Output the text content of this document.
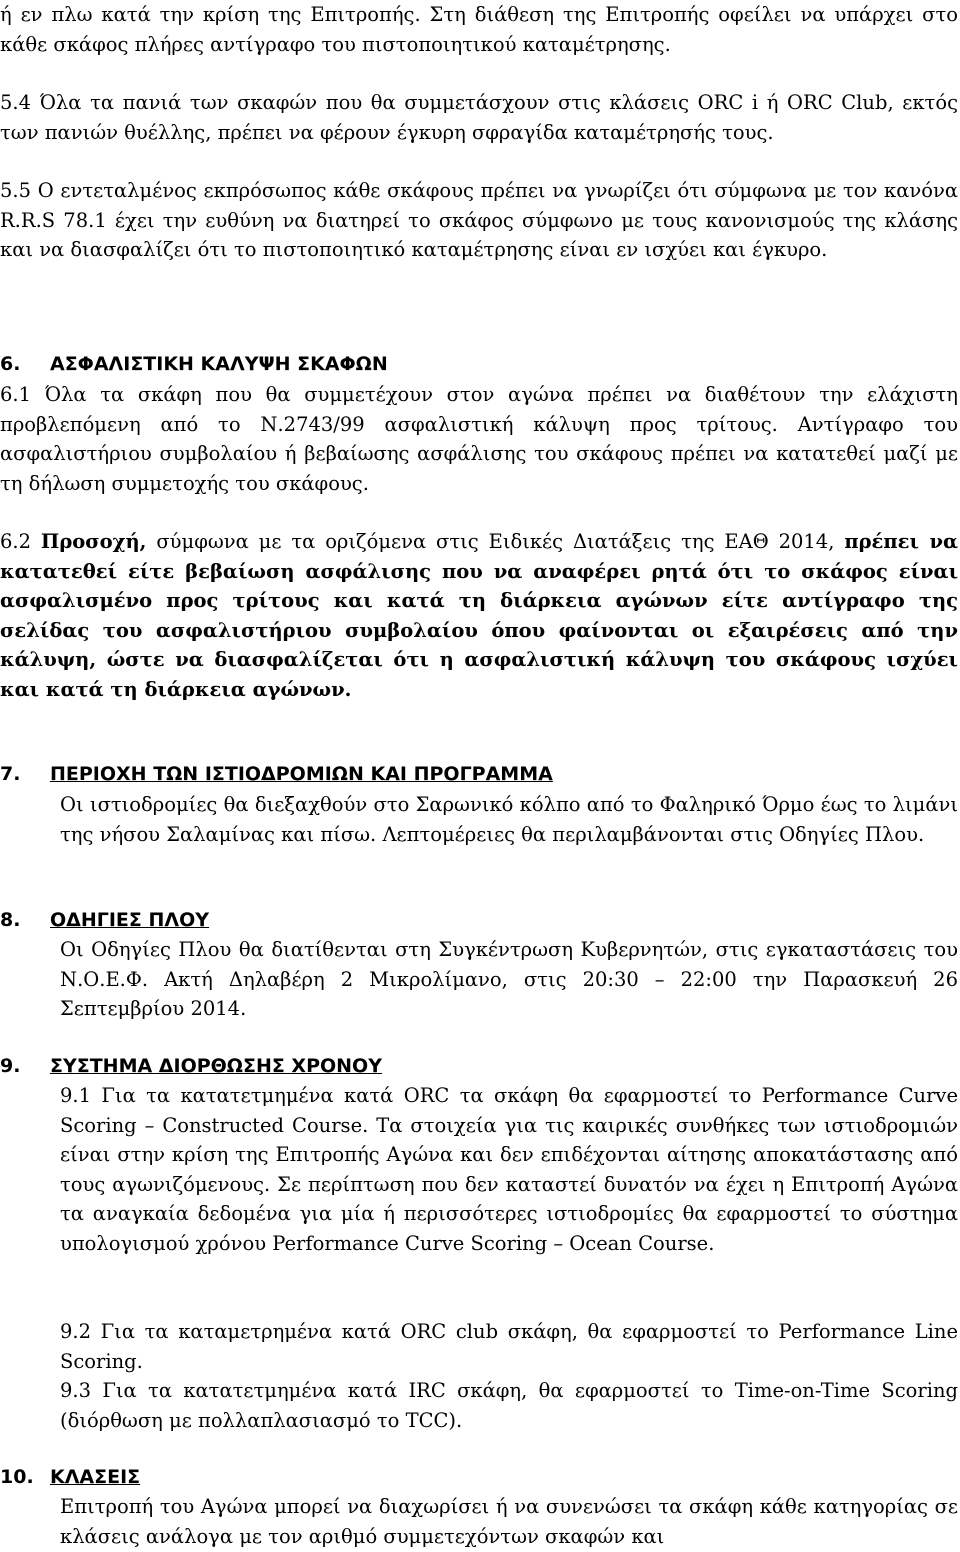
ή εν πλω κατά την κρίση της Επιτροπής. Στη διάθεση της Επιτροπής οφείλει να υπάρχει στο κάθε σκάφος πλήρες αντίγραφο του πιστοποιητικού καταμέτρησης.

5.4 Όλα τα πανιά των σκαφών που θα συμμετάσχουν στις κλάσεις ORC i ή ORC Club, εκτός των πανιών θυέλλης, πρέπει να φέρουν έγκυρη σφραγίδα καταμέτρησής τους.

5.5 Ο εντεταλμένος εκπρόσωπος κάθε σκάφους πρέπει να γνωρίζει ότι σύμφωνα με τον κανόνα R.R.S 78.1 έχει την ευθύνη να διατηρεί το σκάφος σύμφωνο με τους κανονισμούς της κλάσης και να διασφαλίζει ότι το πιστοποιητικό καταμέτρησης είναι εν ισχύει και έγκυρο.

6. ΑΣΦΑΛΙΣΤΙΚΗ ΚΑΛΥΨΗ ΣΚΑΦΩΝ

6.1 Όλα τα σκάφη που θα συμμετέχουν στον αγώνα πρέπει να διαθέτουν την ελάχιστη προβλεπόμενη από το Ν.2743/99 ασφαλιστική κάλυψη προς τρίτους. Αντίγραφο του ασφαλιστήριου συμβολαίου ή βεβαίωσης ασφάλισης του σκάφους πρέπει να κατατεθεί μαζί με τη δήλωση συμμετοχής του σκάφους.

6.2 Προσοχή, σύμφωνα με τα οριζόμενα στις Ειδικές Διατάξεις της ΕΑΘ 2014, πρέπει να κατατεθεί είτε βεβαίωση ασφάλισης που να αναφέρει ρητά ότι το σκάφος είναι ασφαλισμένο προς τρίτους και κατά τη διάρκεια αγώνων είτε αντίγραφο της σελίδας του ασφαλιστήριου συμβολαίου όπου φαίνονται οι εξαιρέσεις από την κάλυψη, ώστε να διασφαλίζεται ότι η ασφαλιστική κάλυψη του σκάφους ισχύει και κατά τη διάρκεια αγώνων.

7. ΠΕΡΙΟΧΗ ΤΩΝ ΙΣΤΙΟΔΡΟΜΙΩΝ ΚΑΙ ΠΡΟΓΡΑΜΜΑ

Οι ιστιοδρομίες θα διεξαχθούν στο Σαρωνικό κόλπο από το Φαληρικό Όρμο έως το λιμάνι της νήσου Σαλαμίνας και πίσω. Λεπτομέρειες θα περιλαμβάνονται στις Οδηγίες Πλου.

8. ΟΔΗΓΙΕΣ ΠΛΟΥ

Οι Οδηγίες Πλου θα διατίθενται στη Συγκέντρωση Κυβερνητών, στις εγκαταστάσεις του Ν.Ο.Ε.Φ. Ακτή Δηλαβέρη 2 Μικρολίμανο, στις 20:30 – 22:00 την Παρασκευή 26 Σεπτεμβρίου 2014.

9. ΣΥΣΤΗΜΑ ΔΙΟΡΘΩΣΗΣ ΧΡΟΝΟΥ

9.1 Για τα κατατετμημένα κατά ORC τα σκάφη θα εφαρμοστεί το Performance Curve Scoring – Constructed Course. Τα στοιχεία για τις καιρικές συνθήκες των ιστιοδρομιών είναι στην κρίση της Επιτροπής Αγώνα και δεν επιδέχονται αίτησης αποκατάστασης από τους αγωνιζόμενους. Σε περίπτωση που δεν καταστεί δυνατόν να έχει η Επιτροπή Αγώνα τα αναγκαία δεδομένα για μία ή περισσότερες ιστιοδρομίες θα εφαρμοστεί το σύστημα υπολογισμού χρόνου Performance Curve Scoring – Ocean Course.

9.2 Για τα καταμετρημένα κατά ORC club σκάφη, θα εφαρμοστεί το Performance Line Scoring.

9.3 Για τα κατατετμημένα κατά IRC σκάφη, θα εφαρμοστεί το Time-on-Time Scoring (διόρθωση με πολλαπλασιασμό το TCC).

10. ΚΛΑΣΕΙΣ

Επιτροπή του Αγώνα μπορεί να διαχωρίσει ή να συνενώσει τα σκάφη κάθε κατηγορίας σε κλάσεις ανάλογα με τον αριθμό συμμετεχόντων σκαφών και
